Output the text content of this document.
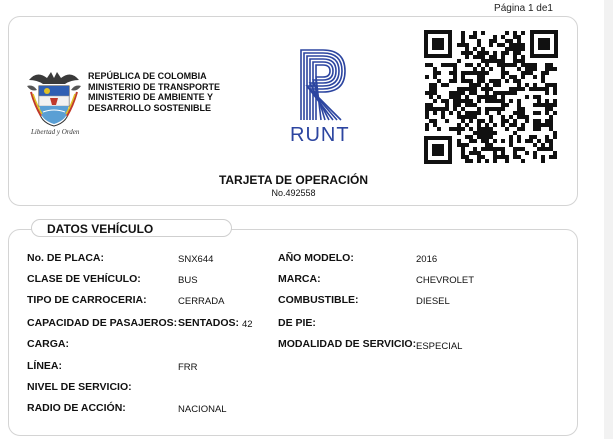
Página 1 de1
Libertad y Orden
REPÚBLICA DE COLOMBIA
MINISTERIO DE TRANSPORTE
MINISTERIO DE AMBIENTE Y
DESARROLLO SOSTENIBLE
RUNT
TARJETA DE OPERACIÓN
No.492558
DATOS VEHÍCULO
No. DE PLACA:	SNX644
CLASE DE VEHÍCULO:	BUS
TIPO DE CARROCERIA:	CERRADA
CAPACIDAD DE PASAJEROS: SENTADOS: 42
CARGA:
LÍNEA:	FRR
NIVEL DE SERVICIO:
RADIO DE ACCIÓN:	NACIONAL
AÑO MODELO:	2016
MARCA:	CHEVROLET
COMBUSTIBLE:	DIESEL
DE PIE:
MODALIDAD DE SERVICIO: ESPECIAL
